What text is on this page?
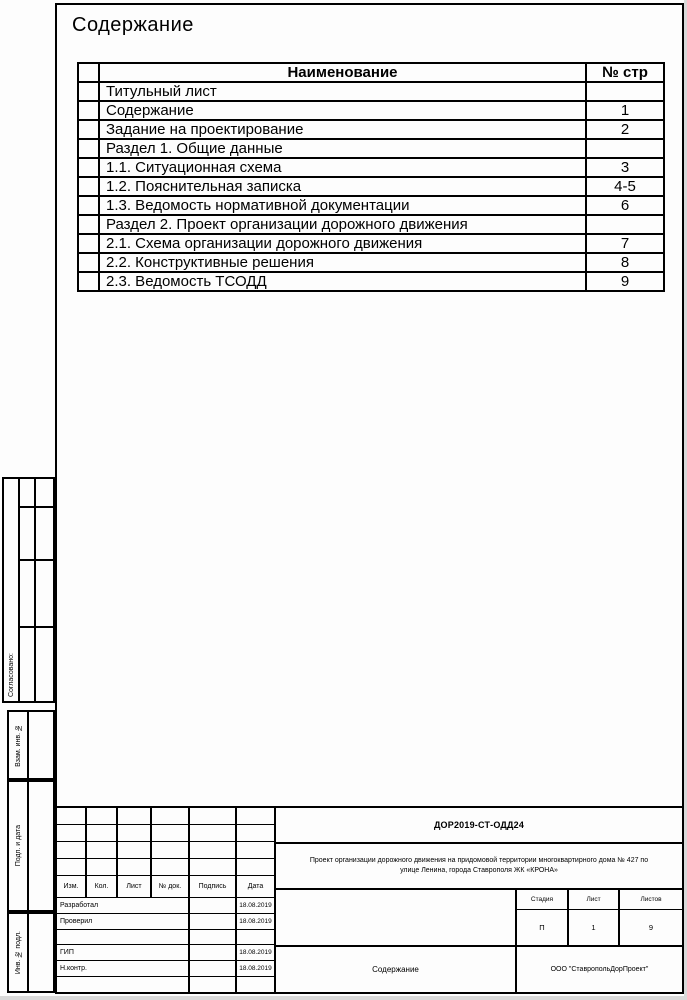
Содержание
	Наименование	№ стр
	Титульный лист	
	Содержание	1
	Задание на проектирование	2
	Раздел 1. Общие данные	
	1.1. Ситуационная схема	3
	1.2. Пояснительная записка	4-5
	1.3. Ведомость нормативной документации	6
	Раздел 2. Проект организации дорожного движения	
	2.1. Схема организации дорожного движения	7
	2.2. Конструктивные решения	8
	2.3. Ведомость ТСОДД	9
Согласовано:
Взам. инв. №
Подп. и дата
Инв. № подл.
Изм.	Кол.	Лист	№ док.	Подпись	Дата
Разработал	18.08.2019
Проверил	18.08.2019
ГИП	18.08.2019
Н.контр.	18.08.2019
ДОР2019-СТ-ОДД24
Проект организации дорожного движения на придомовой территории многоквартирного дома № 427 по улице Ленина, города Ставрополя ЖК «КРОНА»
Стадия	Лист	Листов
П	1	9
Содержание	ООО "СтавропольДорПроект"
